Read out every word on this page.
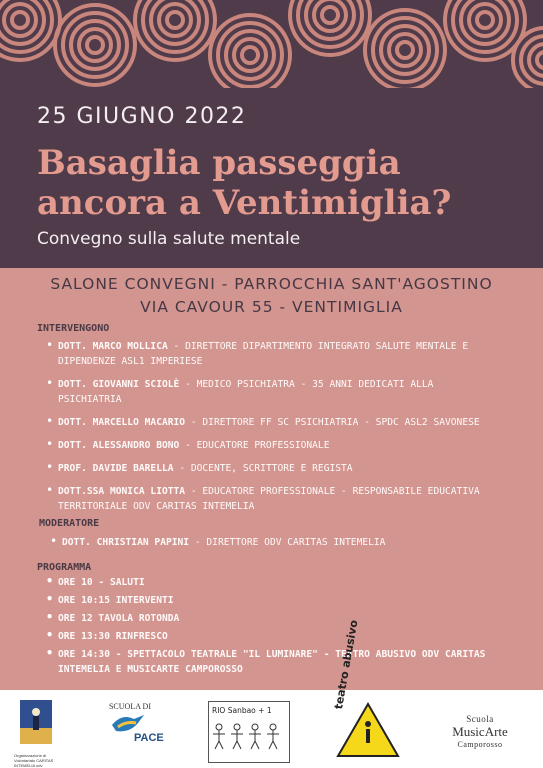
25 GIUGNO 2022
Basaglia passeggia
ancora a Ventimiglia?
Convegno sulla salute mentale
SALONE CONVEGNI - PARROCCHIA SANT'AGOSTINO
VIA CAVOUR 55 - VENTIMIGLIA
INTERVENGONO
• DOTT. MARCO MOLLICA - DIRETTORE DIPARTIMENTO INTEGRATO SALUTE MENTALE E DIPENDENZE ASL1 IMPERIESE
• DOTT. GIOVANNI SCIOLÈ - MEDICO PSICHIATRA - 35 ANNI DEDICATI ALLA PSICHIATRIA
• DOTT. MARCELLO MACARIO - DIRETTORE FF SC PSICHIATRIA - SPDC ASL2 SAVONESE
• DOTT. ALESSANDRO BONO - EDUCATORE PROFESSIONALE
• PROF. DAVIDE BARELLA - DOCENTE, SCRITTORE E REGISTA
• DOTT.SSA MONICA LIOTTA - EDUCATORE PROFESSIONALE - RESPONSABILE EDUCATIVA TERRITORIALE ODV CARITAS INTEMELIA
MODERATORE
• DOTT. CHRISTIAN PAPINI - DIRETTORE ODV CARITAS INTEMELIA
PROGRAMMA
• ORE 10 - SALUTI
• ORE 10:15 INTERVENTI
• ORE 12 TAVOLA ROTONDA
• ORE 13:30 RINFRESCO
• ORE 14:30 - SPETTACOLO TEATRALE "IL LUMINARE" - TEATRO ABUSIVO ODV CARITAS INTEMELIA E MUSICARTE CAMPOROSSO
Organizzazione di Volontariato CARITAS INTEMELIA odv
SCUOLA DI
PACE
RIO Sanbao + 1
teatro abusivo
Scuola
MusicArte
Camporosso
